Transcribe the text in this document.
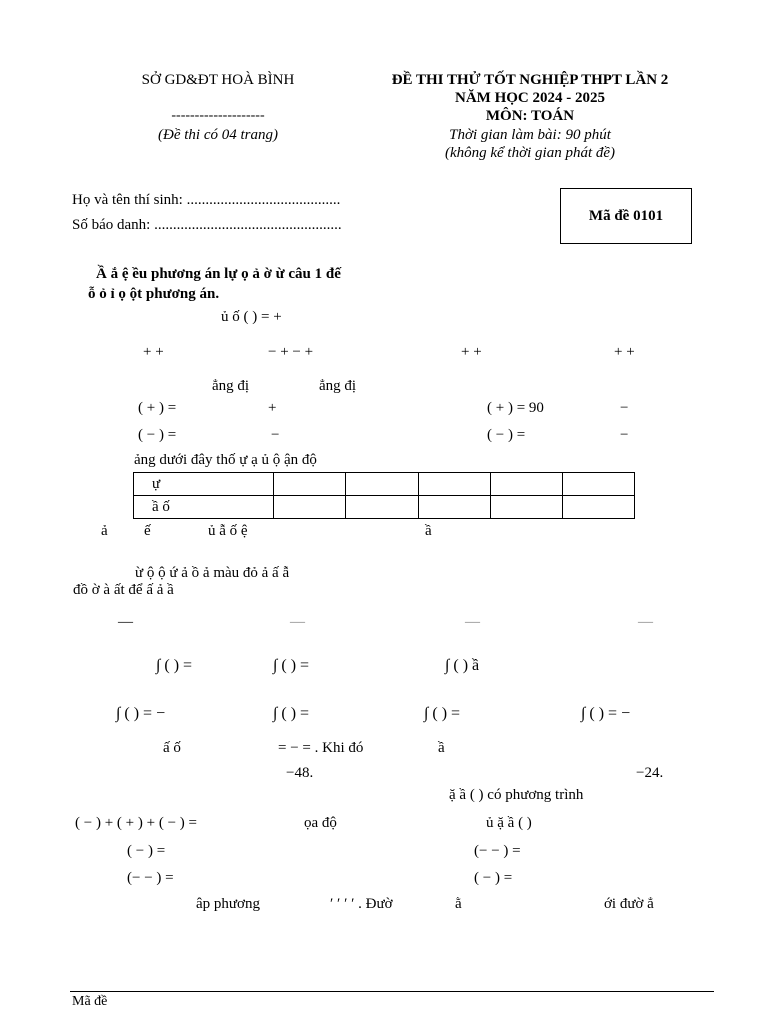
SỞ GD&ĐT HOÀ BÌNH
--------------------
(Đề thi có 04 trang)
ĐỀ THI THỬ TỐT NGHIỆP THPT LẦN 2
NĂM HỌC 2024 - 2025
MÔN: TOÁN
Thời gian làm bài: 90 phút
(không kể thời gian phát đề)
Họ và tên thí sinh: .........................................
Số báo danh: ..................................................
Mã đề 0101
Ầ ắ ệ ều phương án lự ọ ả ờ ừ câu 1 đế
ỗ ỏ ỉ ọ ột phương án.
ủ ố ( ) = +
+ +	− + − +	+ +	+ +
ẳng đị	ẳng đị
( + ) =	+	( + ) = 90	−
( − ) =	−	( − ) =	−
ảng dưới đây thố ự ạ ủ ộ ận độ
ự					
ầ ố					
ả ế	ủ ẫ ố ệ	ầ
ừ ộ ộ ứ ả ồ ả màu đỏ ả ấ ẫ
đồ ờ à ất để ấ ả ầ
—	—	—	—
∫ ( ) =	∫ ( ) =	∫ ( ) ầ
∫ ( ) = −	∫ ( ) =	∫ ( ) =	∫ ( ) = −
ấ ố	= − = . Khi đó	ầ
−48.	−24.
ặ ầ ( ) có phương trình
( − ) + ( + ) + ( − ) =	ọa độ	ủ ặ ầ ( )
( − ) =	(− − ) =
(− − ) =	( − ) =
âp phương	′ ′ ′ ′ . Đườ	ằ	ới đườ ẳ
Mã đề
